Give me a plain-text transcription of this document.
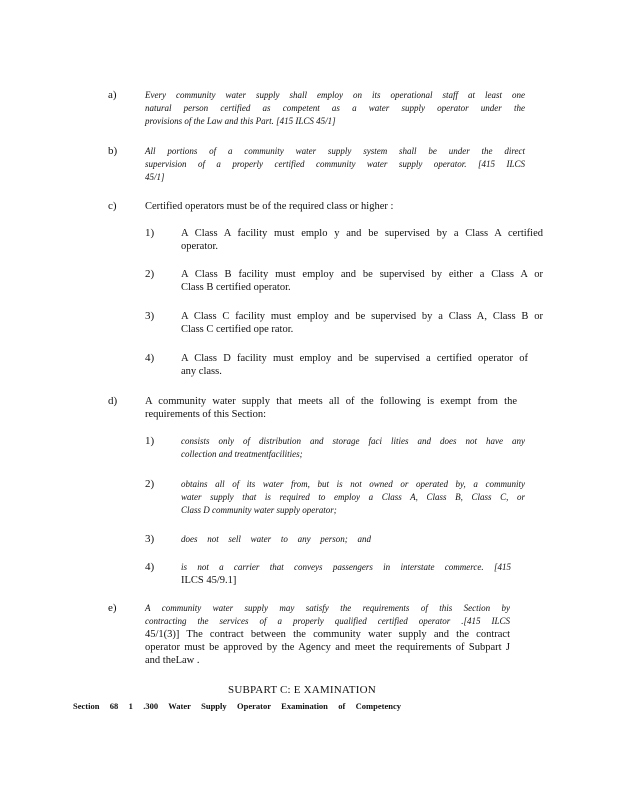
a)	Every community water supply shall employ on its operational staff at least one
natural person certified as competent as a water supply operator under the
provisions of the Law and this Part. [415 ILCS 45/1]
b)	All portions of a community water supply system shall be under the direct
supervision of a properly certified community water supply operator. [415 ILCS
45/1]
c)	Certified operators must be of the required class or higher :
1)	A Class A facility must emplo y and be supervised by a Class A certified
operator.
2)	A Class B facility must employ and be supervised by either a Class A or
Class B certified operator.
3)	A Class C facility must employ and be supervised by a Class A, Class B or
Class C certified ope rator.
4)	A Class D facility must employ and be supervised a certified operator of
any class.
d)	A community water supply that meets all of the following is exempt from the
requirements of this Section:
1)	consists only of distribution and storage faci lities and does not have any
collection and treatmentfacilities;
2)	obtains all of its water from, but is not owned or operated by, a community
water supply that is required to employ a Class A, Class B, Class C, or
Class D community water supply operator;
3)	does not sell water to any person; and
4)	is not a carrier that conveys passengers in interstate commerce. [415
ILCS 45/9.1]
e)	A community water supply may satisfy the requirements of this Section by
contracting the services of a properly qualified certified operator .[415 ILCS
45/1(3)] The contract between the community water supply and the contract
operator must be approved by the Agency and meet the requirements of Subpart J
and theLaw .
SUBPART C: E XAMINATION
Section 68 1 .300 Water Supply Operator Examination of Competency
